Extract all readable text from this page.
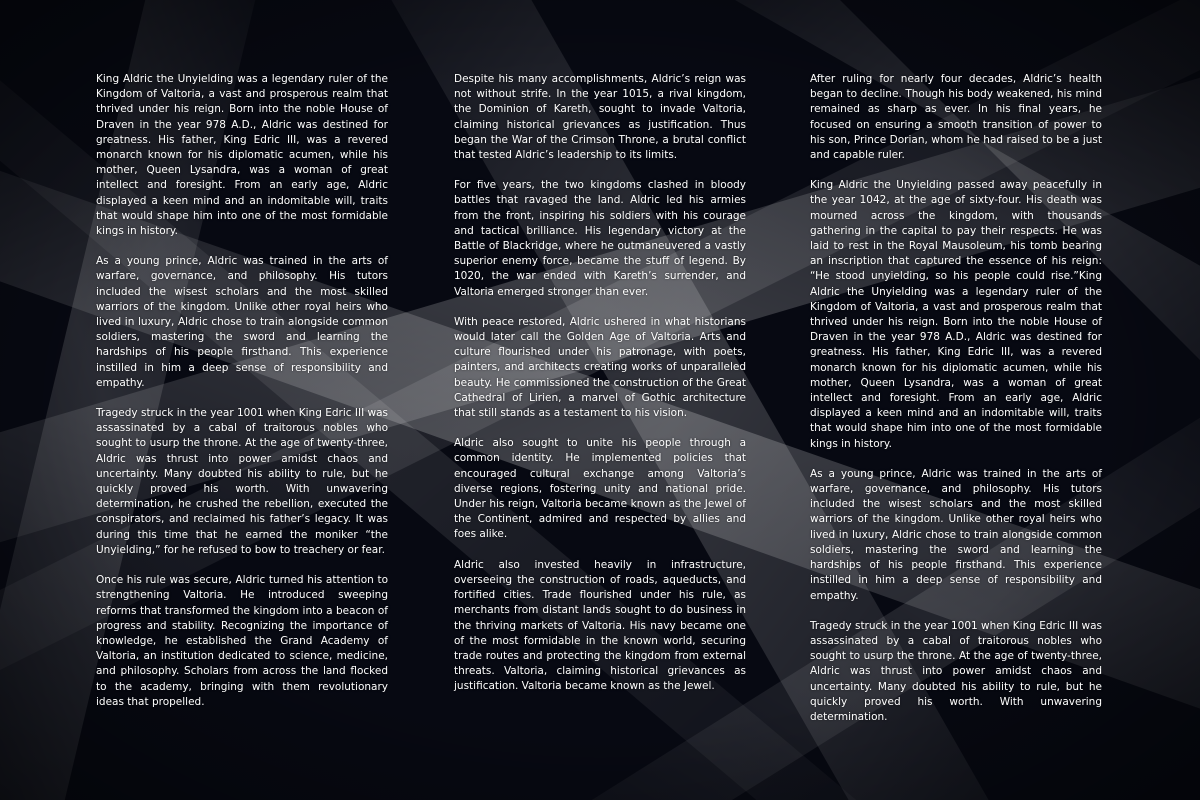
King Aldric the Unyielding was a legendary ruler of the Kingdom of Valtoria, a vast and prosperous realm that thrived under his reign. Born into the noble House of Draven in the year 978 A.D., Aldric was destined for greatness. His father, King Edric III, was a revered monarch known for his diplomatic acumen, while his mother, Queen Lysandra, was a woman of great intellect and foresight. From an early age, Aldric displayed a keen mind and an indomitable will, traits that would shape him into one of the most formidable kings in history.

As a young prince, Aldric was trained in the arts of warfare, governance, and philosophy. His tutors included the wisest scholars and the most skilled warriors of the kingdom. Unlike other royal heirs who lived in luxury, Aldric chose to train alongside common soldiers, mastering the sword and learning the hardships of his people firsthand. This experience instilled in him a deep sense of responsibility and empathy.

Tragedy struck in the year 1001 when King Edric III was assassinated by a cabal of traitorous nobles who sought to usurp the throne. At the age of twenty-three, Aldric was thrust into power amidst chaos and uncertainty. Many doubted his ability to rule, but he quickly proved his worth. With unwavering determination, he crushed the rebellion, executed the conspirators, and reclaimed his father’s legacy. It was during this time that he earned the moniker “the Unyielding,” for he refused to bow to treachery or fear.

Once his rule was secure, Aldric turned his attention to strengthening Valtoria. He introduced sweeping reforms that transformed the kingdom into a beacon of progress and stability. Recognizing the importance of knowledge, he established the Grand Academy of Valtoria, an institution dedicated to science, medicine, and philosophy. Scholars from across the land flocked to the academy, bringing with them revolutionary ideas that propelled.

Despite his many accomplishments, Aldric’s reign was not without strife. In the year 1015, a rival kingdom, the Dominion of Kareth, sought to invade Valtoria, claiming historical grievances as justification. Thus began the War of the Crimson Throne, a brutal conflict that tested Aldric’s leadership to its limits.

For five years, the two kingdoms clashed in bloody battles that ravaged the land. Aldric led his armies from the front, inspiring his soldiers with his courage and tactical brilliance. His legendary victory at the Battle of Blackridge, where he outmaneuvered a vastly superior enemy force, became the stuff of legend. By 1020, the war ended with Kareth’s surrender, and Valtoria emerged stronger than ever.

With peace restored, Aldric ushered in what historians would later call the Golden Age of Valtoria. Arts and culture flourished under his patronage, with poets, painters, and architects creating works of unparalleled beauty. He commissioned the construction of the Great Cathedral of Lirien, a marvel of Gothic architecture that still stands as a testament to his vision.

Aldric also sought to unite his people through a common identity. He implemented policies that encouraged cultural exchange among Valtoria’s diverse regions, fostering unity and national pride. Under his reign, Valtoria became known as the Jewel of the Continent, admired and respected by allies and foes alike.

Aldric also invested heavily in infrastructure, overseeing the construction of roads, aqueducts, and fortified cities. Trade flourished under his rule, as merchants from distant lands sought to do business in the thriving markets of Valtoria. His navy became one of the most formidable in the known world, securing trade routes and protecting the kingdom from external threats. Valtoria, claiming historical grievances as justification. Valtoria became known as the Jewel.

After ruling for nearly four decades, Aldric’s health began to decline. Though his body weakened, his mind remained as sharp as ever. In his final years, he focused on ensuring a smooth transition of power to his son, Prince Dorian, whom he had raised to be a just and capable ruler.

King Aldric the Unyielding passed away peacefully in the year 1042, at the age of sixty-four. His death was mourned across the kingdom, with thousands gathering in the capital to pay their respects. He was laid to rest in the Royal Mausoleum, his tomb bearing an inscription that captured the essence of his reign: “He stood unyielding, so his people could rise.”King Aldric the Unyielding was a legendary ruler of the Kingdom of Valtoria, a vast and prosperous realm that thrived under his reign. Born into the noble House of Draven in the year 978 A.D., Aldric was destined for greatness. His father, King Edric III, was a revered monarch known for his diplomatic acumen, while his mother, Queen Lysandra, was a woman of great intellect and foresight. From an early age, Aldric displayed a keen mind and an indomitable will, traits that would shape him into one of the most formidable kings in history.

As a young prince, Aldric was trained in the arts of warfare, governance, and philosophy. His tutors included the wisest scholars and the most skilled warriors of the kingdom. Unlike other royal heirs who lived in luxury, Aldric chose to train alongside common soldiers, mastering the sword and learning the hardships of his people firsthand. This experience instilled in him a deep sense of responsibility and empathy.

Tragedy struck in the year 1001 when King Edric III was assassinated by a cabal of traitorous nobles who sought to usurp the throne. At the age of twenty-three, Aldric was thrust into power amidst chaos and uncertainty. Many doubted his ability to rule, but he quickly proved his worth. With unwavering determination.
